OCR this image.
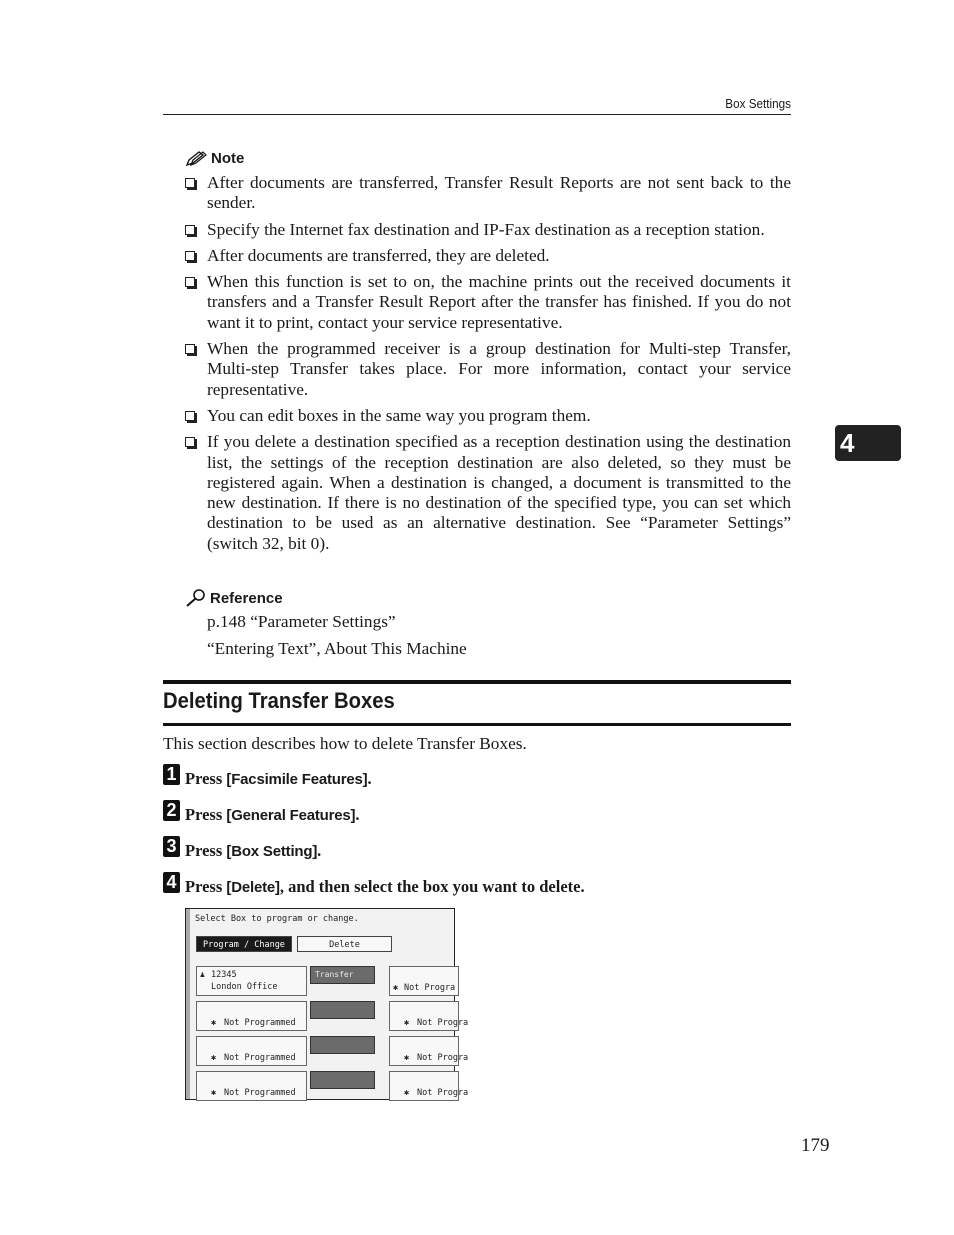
Box Settings
4
Note
After documents are transferred, Transfer Result Reports are not sent back to the sender.
Specify the Internet fax destination and IP-Fax destination as a reception station.
After documents are transferred, they are deleted.
When this function is set to on, the machine prints out the received documents it transfers and a Transfer Result Report after the transfer has finished. If you do not want it to print, contact your service representative.
When the programmed receiver is a group destination for Multi-step Transfer, Multi-step Transfer takes place. For more information, contact your service representative.
You can edit boxes in the same way you program them.
If you delete a destination specified as a reception destination using the destination list, the settings of the reception destination are also deleted, so they must be registered again. When a destination is changed, a document is transmitted to the new destination. If there is no destination of the specified type, you can set which destination to be used as an alternative destination. See “Parameter Settings” (switch 32, bit 0).
Reference
p.148 “Parameter Settings”
“Entering Text”, About This Machine
Deleting Transfer Boxes
This section describes how to delete Transfer Boxes.
1 Press [Facsimile Features].
2 Press [General Features].
3 Press [Box Setting].
4 Press [Delete], and then select the box you want to delete.
Select Box to program or change.
Program / Change	Delete
♟ 12345
London Office
Transfer
✱ Not Progra
✱ Not Programmed	✱ Not Progra
✱ Not Programmed	✱ Not Progra
✱ Not Programmed	✱ Not Progra
179
